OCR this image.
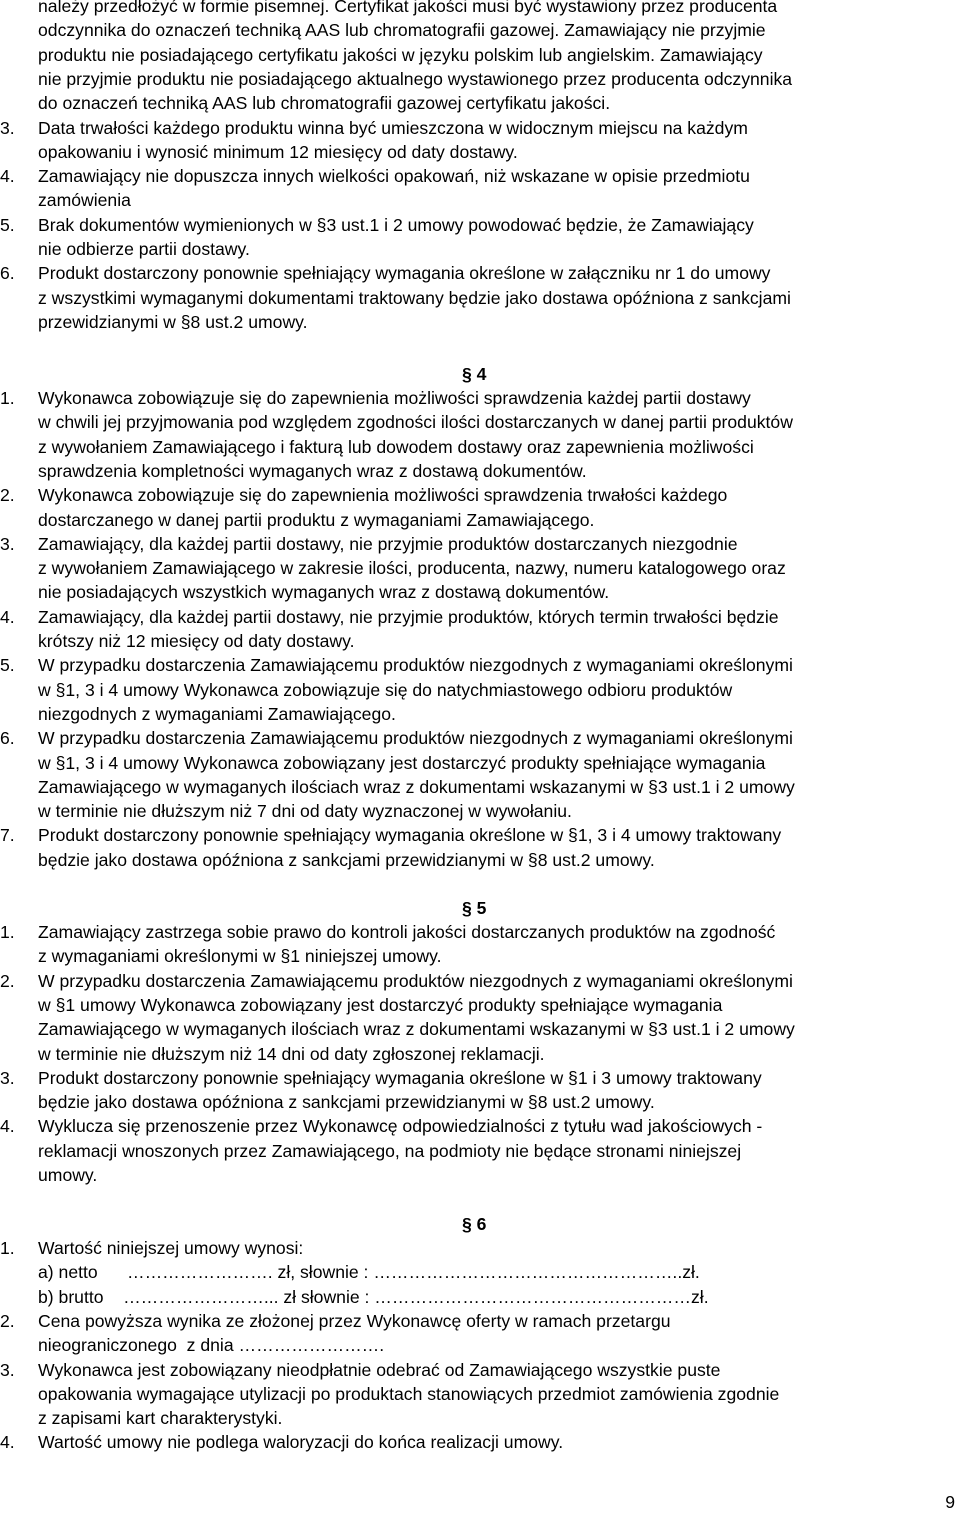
należy przedłożyć w formie pisemnej. Certyfikat jakości musi być wystawiony przez producenta
odczynnika do oznaczeń techniką AAS lub chromatografii gazowej. Zamawiający nie przyjmie
produktu nie posiadającego certyfikatu jakości w języku polskim lub angielskim. Zamawiający
nie przyjmie produktu nie posiadającego aktualnego wystawionego przez producenta odczynnika
do oznaczeń techniką AAS lub chromatografii gazowej certyfikatu jakości.
3. Data trwałości każdego produktu winna być umieszczona w widocznym miejscu na każdym
opakowaniu i wynosić minimum 12 miesięcy od daty dostawy.
4. Zamawiający nie dopuszcza innych wielkości opakowań, niż wskazane w opisie przedmiotu
zamówienia
5. Brak dokumentów wymienionych w §3 ust.1 i 2 umowy powodować będzie, że Zamawiający
nie odbierze partii dostawy.
6. Produkt dostarczony ponownie spełniający wymagania określone w załączniku nr 1 do umowy
z wszystkimi wymaganymi dokumentami traktowany będzie jako dostawa opóźniona z sankcjami
przewidzianymi w §8 ust.2 umowy.
§ 4
1. Wykonawca zobowiązuje się do zapewnienia możliwości sprawdzenia każdej partii dostawy
w chwili jej przyjmowania pod względem zgodności ilości dostarczanych w danej partii produktów
z wywołaniem Zamawiającego i fakturą lub dowodem dostawy oraz zapewnienia możliwości
sprawdzenia kompletności wymaganych wraz z dostawą dokumentów.
2. Wykonawca zobowiązuje się do zapewnienia możliwości sprawdzenia trwałości każdego
dostarczanego w danej partii produktu z wymaganiami Zamawiającego.
3. Zamawiający, dla każdej partii dostawy, nie przyjmie produktów dostarczanych niezgodnie
z wywołaniem Zamawiającego w zakresie ilości, producenta, nazwy, numeru katalogowego oraz
nie posiadających wszystkich wymaganych wraz z dostawą dokumentów.
4. Zamawiający, dla każdej partii dostawy, nie przyjmie produktów, których termin trwałości będzie
krótszy niż 12 miesięcy od daty dostawy.
5. W przypadku dostarczenia Zamawiającemu produktów niezgodnych z wymaganiami określonymi
w §1, 3 i 4 umowy Wykonawca zobowiązuje się do natychmiastowego odbioru produktów
niezgodnych z wymaganiami Zamawiającego.
6. W przypadku dostarczenia Zamawiającemu produktów niezgodnych z wymaganiami określonymi
w §1, 3 i 4 umowy Wykonawca zobowiązany jest dostarczyć produkty spełniające wymagania
Zamawiającego w wymaganych ilościach wraz z dokumentami wskazanymi w §3 ust.1 i 2 umowy
w terminie nie dłuższym niż 7 dni od daty wyznaczonej w wywołaniu.
7. Produkt dostarczony ponownie spełniający wymagania określone w §1, 3 i 4 umowy traktowany
będzie jako dostawa opóźniona z sankcjami przewidzianymi w §8 ust.2 umowy.
§ 5
1. Zamawiający zastrzega sobie prawo do kontroli jakości dostarczanych produktów na zgodność
z wymaganiami określonymi w §1 niniejszej umowy.
2. W przypadku dostarczenia Zamawiającemu produktów niezgodnych z wymaganiami określonymi
w §1 umowy Wykonawca zobowiązany jest dostarczyć produkty spełniające wymagania
Zamawiającego w wymaganych ilościach wraz z dokumentami wskazanymi w §3 ust.1 i 2 umowy
w terminie nie dłuższym niż 14 dni od daty zgłoszonej reklamacji.
3. Produkt dostarczony ponownie spełniający wymagania określone w §1 i 3 umowy traktowany
będzie jako dostawa opóźniona z sankcjami przewidzianymi w §8 ust.2 umowy.
4. Wyklucza się przenoszenie przez Wykonawcę odpowiedzialności z tytułu wad jakościowych -
reklamacji wnoszonych przez Zamawiającego, na podmioty nie będące stronami niniejszej
umowy.
§ 6
1. Wartość niniejszej umowy wynosi:
a) netto      ……………………. zł, słownie : ……………………………………………..zł.
b) brutto    ……………………... zł słownie : ………………………………………………zł.
2. Cena powyższa wynika ze złożonej przez Wykonawcę oferty w ramach przetargu
nieograniczonego  z dnia …………………….
3. Wykonawca jest zobowiązany nieodpłatnie odebrać od Zamawiającego wszystkie puste
opakowania wymagające utylizacji po produktach stanowiących przedmiot zamówienia zgodnie
z zapisami kart charakterystyki.
4. Wartość umowy nie podlega waloryzacji do końca realizacji umowy.
9
